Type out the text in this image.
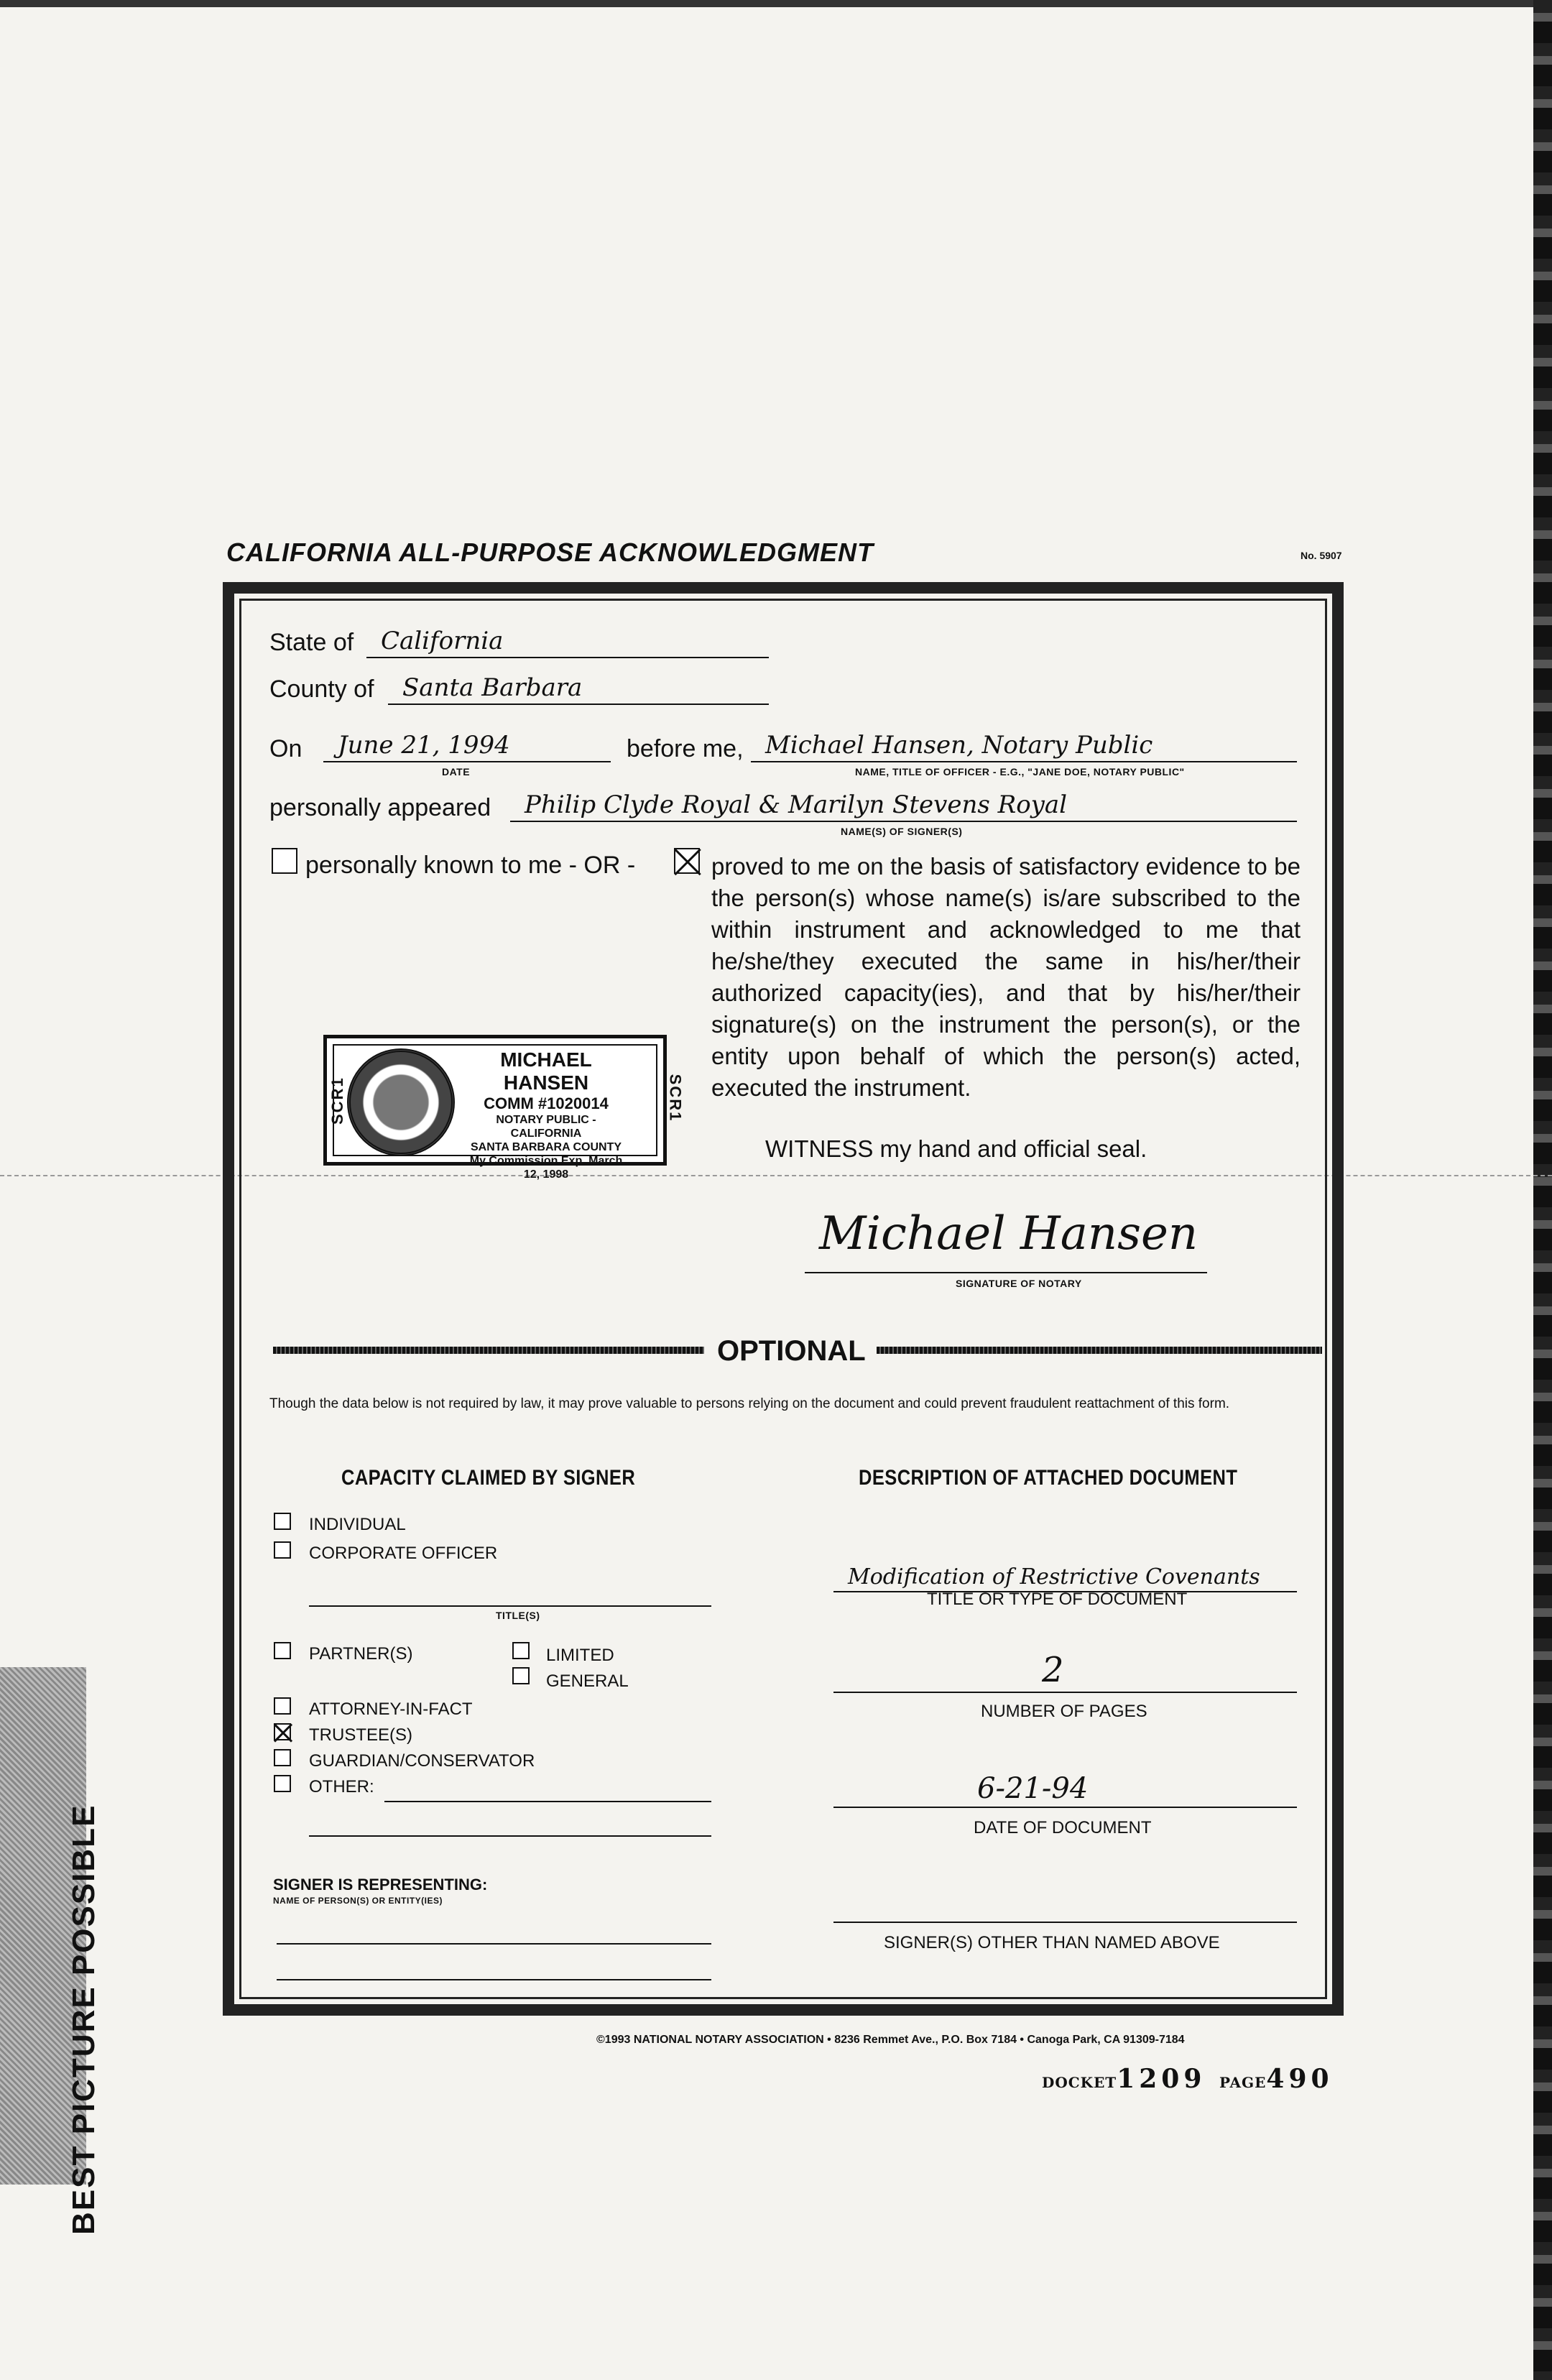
BEST PICTURE POSSIBLE
CALIFORNIA ALL-PURPOSE ACKNOWLEDGMENT	No. 5907
State of California
County of Santa Barbara
On June 21, 1994
DATE
before me, Michael Hansen, Notary Public
NAME, TITLE OF OFFICER - E.G., "JANE DOE, NOTARY PUBLIC"
personally appeared Philip Clyde Royal & Marilyn Stevens Royal
NAME(S) OF SIGNER(S)
personally known to me - OR -	proved to me on the basis of satisfactory evidence to be the person(s) whose name(s) is/are subscribed to the within instrument and acknowledged to me that he/she/they executed the same in his/her/their authorized capacity(ies), and that by his/her/their signature(s) on the instrument the person(s), or the entity upon behalf of which the person(s) acted, executed the instrument.
SCR1	SCR1
MICHAEL HANSEN
COMM #1020014
NOTARY PUBLIC - CALIFORNIA
SANTA BARBARA COUNTY
My Commission Exp. March 12, 1998
WITNESS my hand and official seal.
Michael Hansen
SIGNATURE OF NOTARY
OPTIONAL
Though the data below is not required by law, it may prove valuable to persons relying on the document and could prevent fraudulent reattachment of this form.
CAPACITY CLAIMED BY SIGNER	DESCRIPTION OF ATTACHED DOCUMENT
INDIVIDUAL
CORPORATE OFFICER
TITLE(S)
PARTNER(S)	LIMITED
GENERAL
ATTORNEY-IN-FACT
TRUSTEE(S)
GUARDIAN/CONSERVATOR
OTHER:
SIGNER IS REPRESENTING:
NAME OF PERSON(S) OR ENTITY(IES)
Modification of Restrictive Covenants
TITLE OR TYPE OF DOCUMENT
2
NUMBER OF PAGES
6-21-94
DATE OF DOCUMENT
SIGNER(S) OTHER THAN NAMED ABOVE
©1993 NATIONAL NOTARY ASSOCIATION • 8236 Remmet Ave., P.O. Box 7184 • Canoga Park, CA 91309-7184
DOCKET1209 PAGE490
